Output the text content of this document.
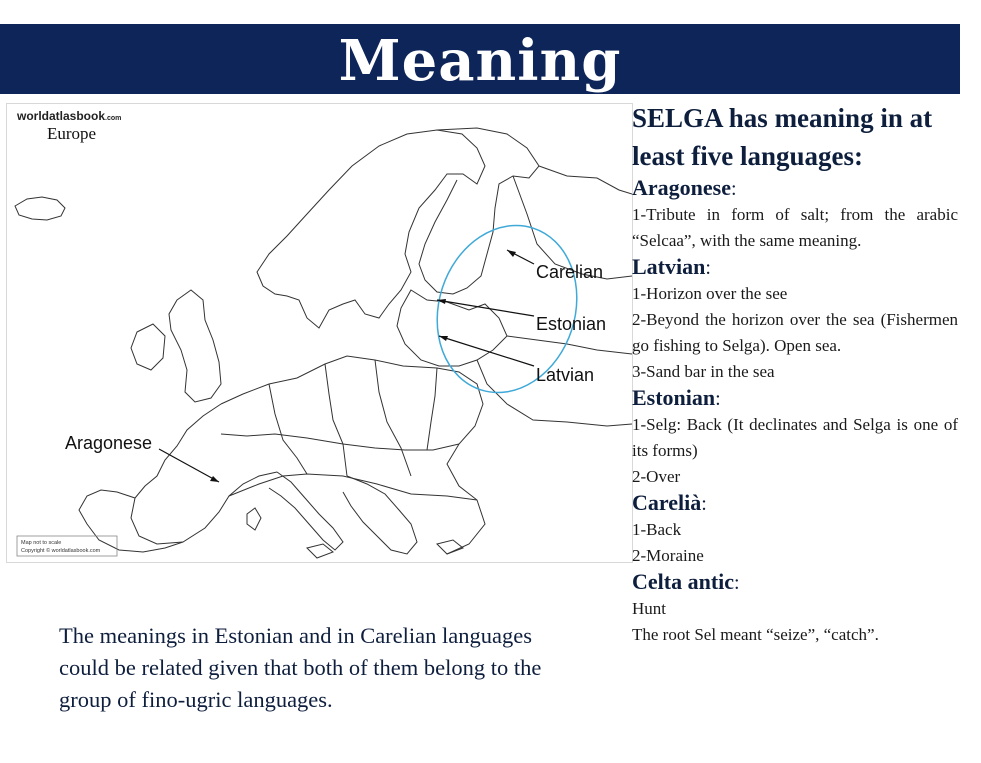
Meaning
worldatlasbook.com
Europe
Map not to scale
Copyright © worldatlasbook.com
Carelian
Estonian
Latvian
Aragonese
SELGA has meaning in at least five languages:
Aragonese:
1-Tribute in form of salt; from the arabic “Selcaa”, with the same meaning.
Latvian:
1-Horizon over the see
2-Beyond the horizon over the sea (Fishermen go fishing to Selga). Open sea.
3-Sand bar in the sea
Estonian:
1-Selg: Back (It declinates and Selga is one of its forms)
2-Over
Carelià:
1-Back
2-Moraine
Celta antic:
Hunt
The root Sel meant “seize”, “catch”.
The meanings in Estonian and in Carelian languages could be related given that both of them belong to the group of fino-ugric languages.
